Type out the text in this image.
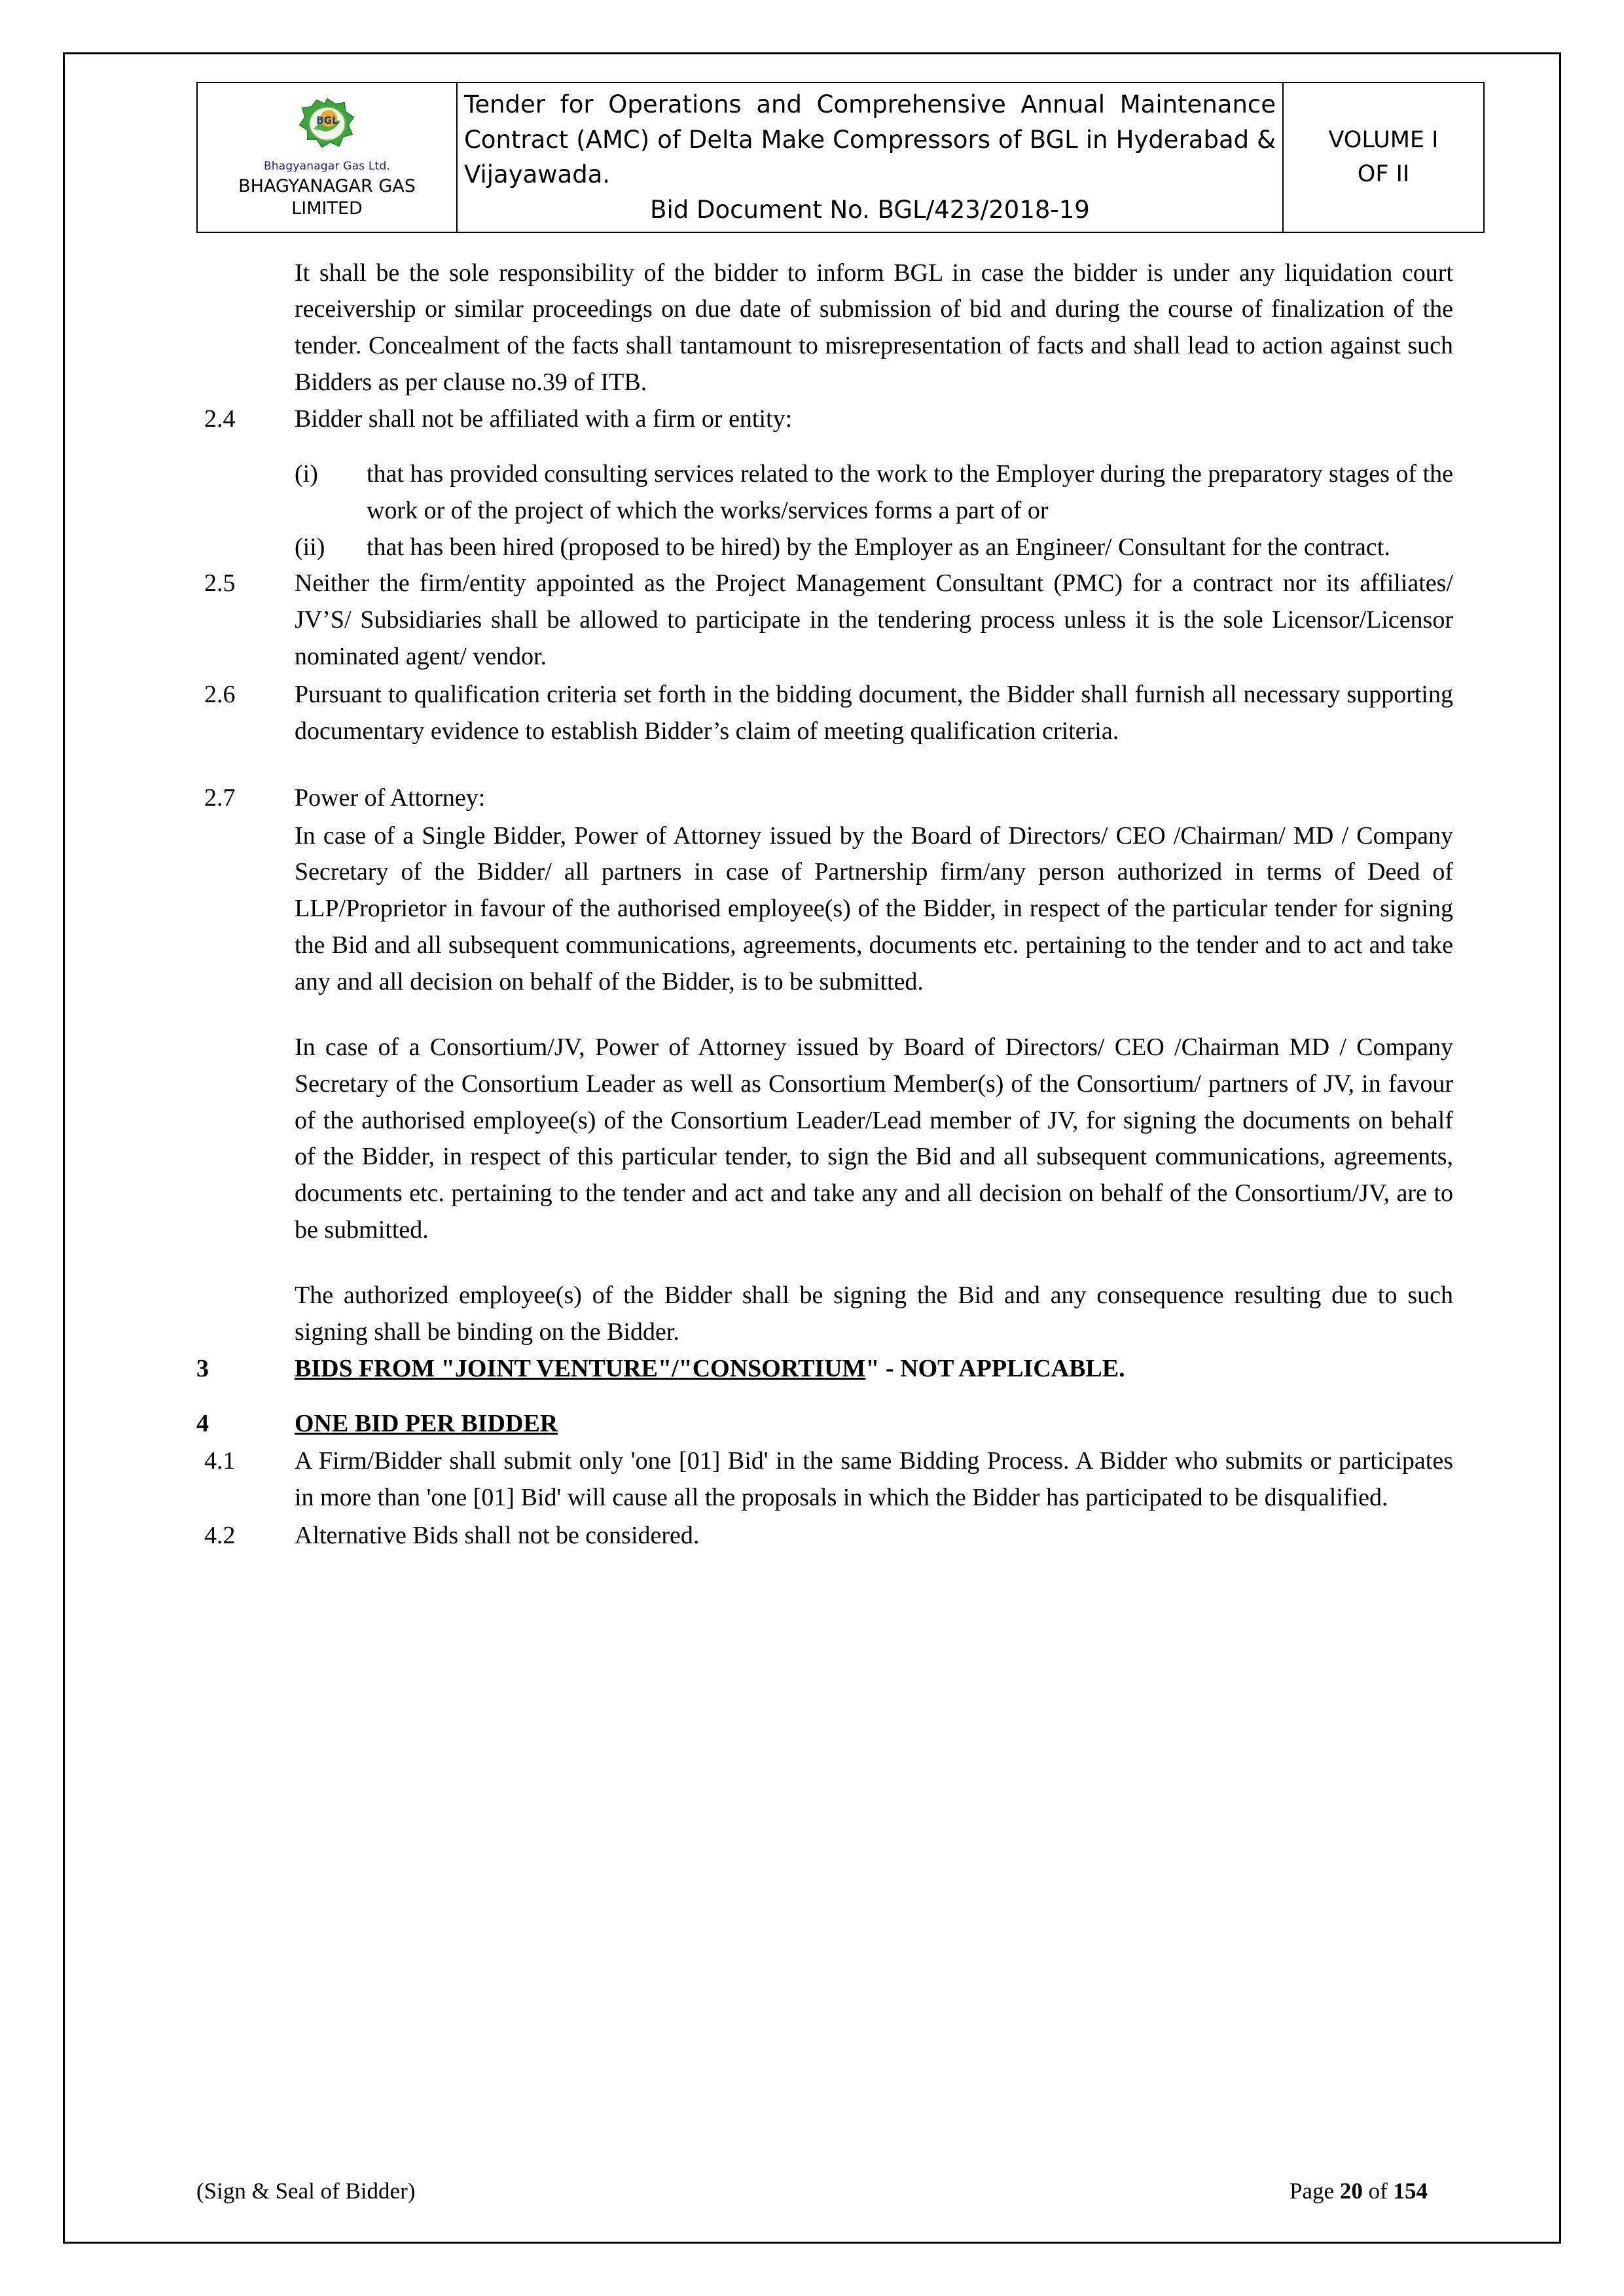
BGL
Bhagyanagar Gas Ltd.
BHAGYANAGAR GAS LIMITED
	Tender for Operations and Comprehensive Annual Maintenance Contract (AMC) of Delta Make Compressors of BGL in Hyderabad & Vijayawada.
Bid Document No. BGL/423/2018-19

VOLUME I
OF II
It shall be the sole responsibility of the bidder to inform BGL in case the bidder is under any liquidation court receivership or similar proceedings on due date of submission of bid and during the course of finalization of the tender. Concealment of the facts shall tantamount to misrepresentation of facts and shall lead to action against such Bidders as per clause no.39 of ITB.
2.4	Bidder shall not be affiliated with a firm or entity:
(i)	that has provided consulting services related to the work to the Employer during the preparatory stages of the work or of the project of which the works/services forms a part of or
(ii)	that has been hired (proposed to be hired) by the Employer as an Engineer/ Consultant for the contract.
2.5	Neither the firm/entity appointed as the Project Management Consultant (PMC) for a contract nor its affiliates/ JV’S/ Subsidiaries shall be allowed to participate in the tendering process unless it is the sole Licensor/Licensor nominated agent/ vendor.
2.6	Pursuant to qualification criteria set forth in the bidding document, the Bidder shall furnish all necessary supporting documentary evidence to establish Bidder’s claim of meeting qualification criteria.
2.7	Power of Attorney:
In case of a Single Bidder, Power of Attorney issued by the Board of Directors/ CEO /Chairman/ MD / Company Secretary of the Bidder/ all partners in case of Partnership firm/any person authorized in terms of Deed of LLP/Proprietor in favour of the authorised employee(s) of the Bidder, in respect of the particular tender for signing the Bid and all subsequent communications, agreements, documents etc. pertaining to the tender and to act and take any and all decision on behalf of the Bidder, is to be submitted.
In case of a Consortium/JV, Power of Attorney issued by Board of Directors/ CEO /Chairman MD / Company Secretary of the Consortium Leader as well as Consortium Member(s) of the Consortium/ partners of JV, in favour of the authorised employee(s) of the Consortium Leader/Lead member of JV, for signing the documents on behalf of the Bidder, in respect of this particular tender, to sign the Bid and all subsequent communications, agreements, documents etc. pertaining to the tender and act and take any and all decision on behalf of the Consortium/JV, are to be submitted.
The authorized employee(s) of the Bidder shall be signing the Bid and any consequence resulting due to such signing shall be binding on the Bidder.
3	BIDS FROM "JOINT VENTURE"/"CONSORTIUM" - NOT APPLICABLE.
4	ONE BID PER BIDDER
4.1	A Firm/Bidder shall submit only 'one [01] Bid' in the same Bidding Process. A Bidder who submits or participates in more than 'one [01] Bid' will cause all the proposals in which the Bidder has participated to be disqualified.
4.2	Alternative Bids shall not be considered.
(Sign & Seal of Bidder)	Page 20 of 154
